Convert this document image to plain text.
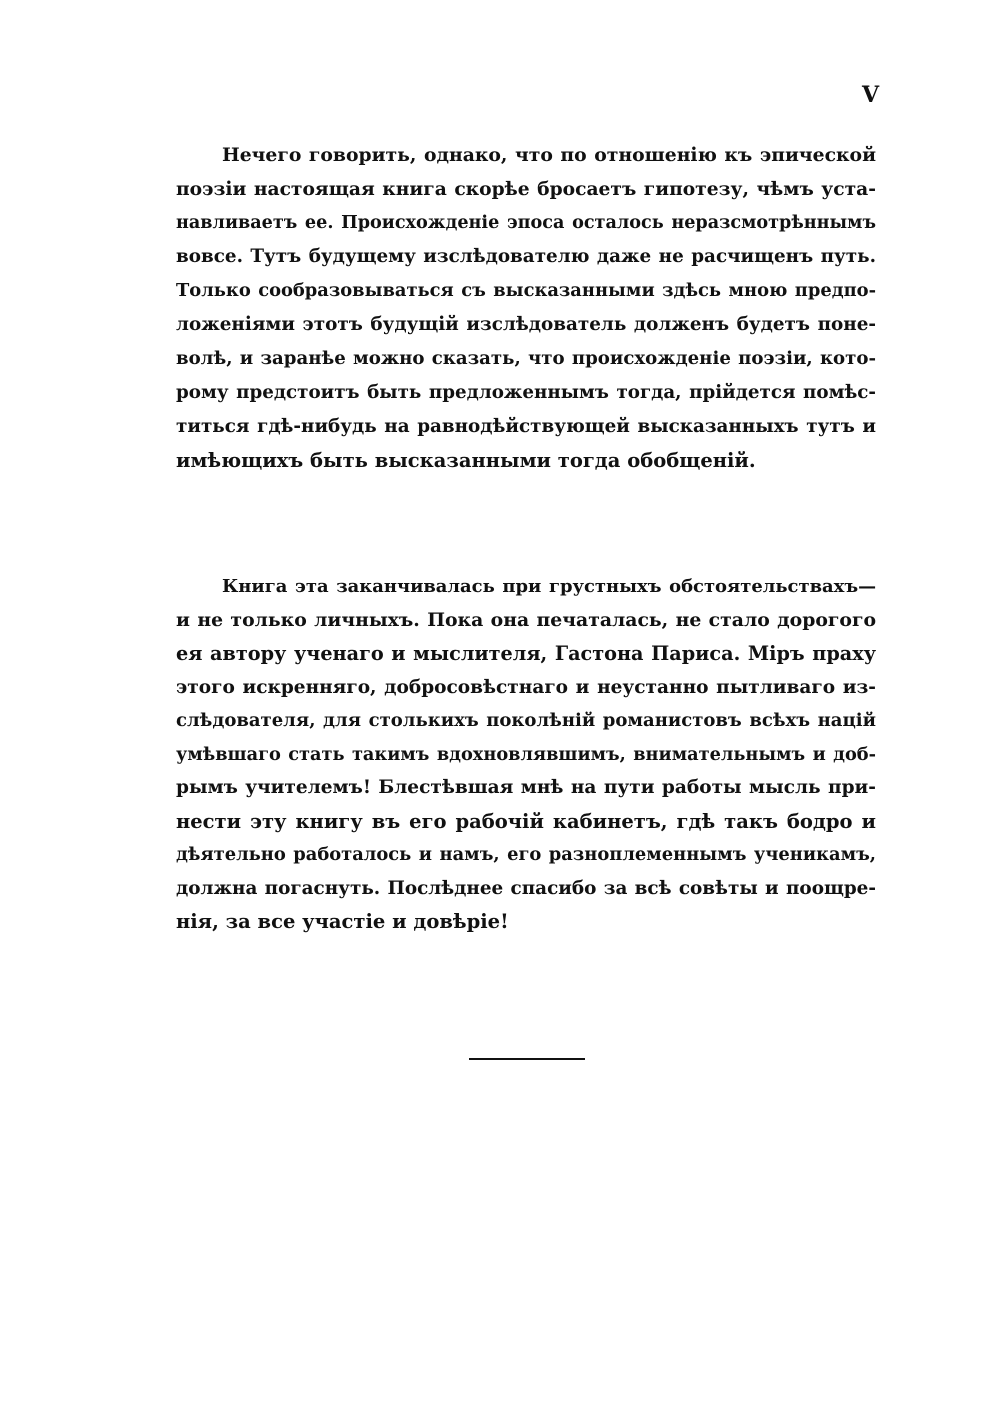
V
Нечего говорить, однако, что по отношенію къ эпической
поэзіи настоящая книга скорѣе бросаетъ гипотезу, чѣмъ уста-
навливаетъ ее. Происхожденіе эпоса осталось неразсмотрѣннымъ
вовсе. Тутъ будущему изслѣдователю даже не расчищенъ путь.
Только сообразовываться съ высказанными здѣсь мною предпо-
ложеніями этотъ будущій изслѣдователь долженъ будетъ поне-
волѣ, и заранѣе можно сказать, что происхожденіе поэзіи, кото-
рому предстоитъ быть предложеннымъ тогда, прійдется помѣс-
титься гдѣ-нибудь на равнодѣйствующей высказанныхъ тутъ и
имѣющихъ быть высказанными тогда обобщеній.
Книга эта заканчивалась при грустныхъ обстоятельствахъ—
и не только личныхъ. Пока она печаталась, не стало дорогого
ея автору ученаго и мыслителя, Гастона Париса. Міръ праху
этого искренняго, добросовѣстнаго и неустанно пытливаго из-
слѣдователя, для столькихъ поколѣній романистовъ всѣхъ націй
умѣвшаго стать такимъ вдохновлявшимъ, внимательнымъ и доб-
рымъ учителемъ! Блестѣвшая мнѣ на пути работы мысль при-
нести эту книгу въ его рабочій кабинетъ, гдѣ такъ бодро и
дѣятельно работалось и намъ, его разноплеменнымъ ученикамъ,
должна погаснуть. Послѣднее спасибо за всѣ совѣты и поощре-
нія, за все участіе и довѣріе!
